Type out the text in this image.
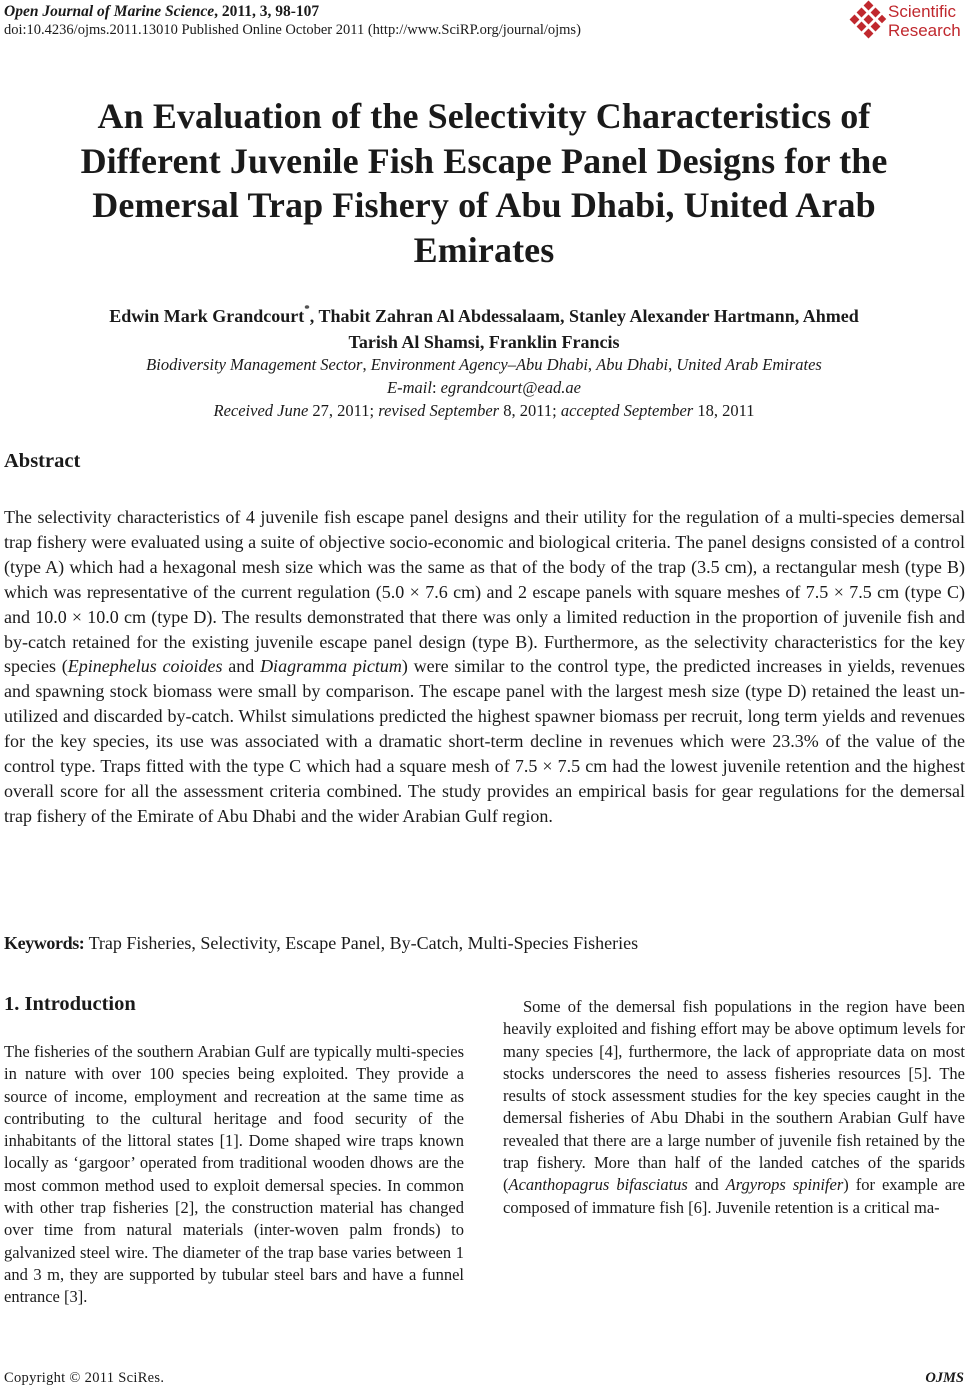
Open Journal of Marine Science, 2011, 3, 98-107
doi:10.4236/ojms.2011.13010 Published Online October 2011 (http://www.SciRP.org/journal/ojms)
Scientific
Research
An Evaluation of the Selectivity Characteristics of
Different Juvenile Fish Escape Panel Designs for the
Demersal Trap Fishery of Abu Dhabi, United Arab
Emirates
Edwin Mark Grandcourt*, Thabit Zahran Al Abdessalaam, Stanley Alexander Hartmann, Ahmed
Tarish Al Shamsi, Franklin Francis
Biodiversity Management Sector, Environment Agency–Abu Dhabi, Abu Dhabi, United Arab Emirates
E-mail: egrandcourt@ead.ae
Received June 27, 2011; revised September 8, 2011; accepted September 18, 2011
Abstract
The selectivity characteristics of 4 juvenile fish escape panel designs and their utility for the regulation of a multi-species demersal trap fishery were evaluated using a suite of objective socio-economic and biological criteria. The panel designs consisted of a control (type A) which had a hexagonal mesh size which was the same as that of the body of the trap (3.5 cm), a rectangular mesh (type B) which was representative of the current regulation (5.0 × 7.6 cm) and 2 escape panels with square meshes of 7.5 × 7.5 cm (type C) and 10.0 × 10.0 cm (type D). The results demonstrated that there was only a limited reduction in the proportion of juvenile fish and by-catch retained for the existing juvenile escape panel design (type B). Furthermore, as the selectivity characteristics for the key species (Epinephelus coioides and Diagramma pictum) were similar to the control type, the predicted increases in yields, revenues and spawning stock biomass were small by comparison. The escape panel with the largest mesh size (type D) retained the least un-utilized and discarded by-catch. Whilst simulations predicted the highest spawner biomass per recruit, long term yields and revenues for the key species, its use was associated with a dramatic short-term decline in revenues which were 23.3% of the value of the control type. Traps fitted with the type C which had a square mesh of 7.5 × 7.5 cm had the lowest juvenile retention and the highest overall score for all the assessment criteria combined. The study provides an empirical basis for gear regulations for the demersal trap fishery of the Emirate of Abu Dhabi and the wider Arabian Gulf region.
Keywords: Trap Fisheries, Selectivity, Escape Panel, By-Catch, Multi-Species Fisheries
1. Introduction
The fisheries of the southern Arabian Gulf are typically multi-species in nature with over 100 species being exploited. They provide a source of income, employment and recreation at the same time as contributing to the cultural heritage and food security of the inhabitants of the littoral states [1]. Dome shaped wire traps known locally as ‘gargoor’ operated from traditional wooden dhows are the most common method used to exploit demersal species. In common with other trap fisheries [2], the construction material has changed over time from natural materials (inter-woven palm fronds) to galvanized steel wire. The diameter of the trap base varies between 1 and 3 m, they are supported by tubular steel bars and have a funnel entrance [3].
Some of the demersal fish populations in the region have been heavily exploited and fishing effort may be above optimum levels for many species [4], furthermore, the lack of appropriate data on most stocks underscores the need to assess fisheries resources [5]. The results of stock assessment studies for the key species caught in the demersal fisheries of Abu Dhabi in the southern Arabian Gulf have revealed that there are a large number of juvenile fish retained by the trap fishery. More than half of the landed catches of the sparids (Acanthopagrus bifasciatus and Argyrops spinifer) for example are composed of immature fish [6]. Juvenile retention is a critical ma-
Copyright © 2011 SciRes.	OJMS
